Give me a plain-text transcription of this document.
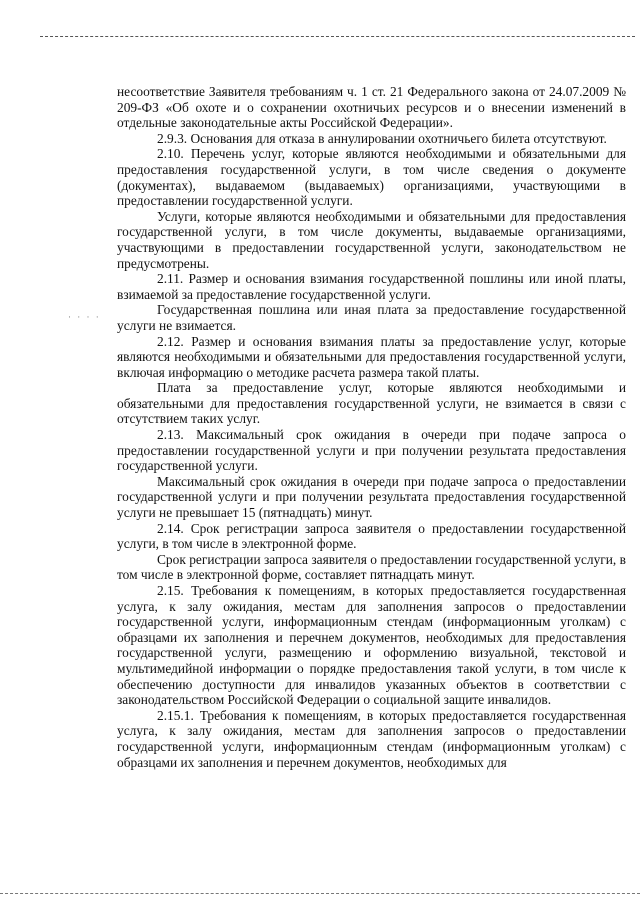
· · · ·

несоответствие Заявителя требованиям ч. 1 ст. 21 Федерального закона от 24.07.2009 № 209-ФЗ «Об охоте и о сохранении охотничьих ресурсов и о внесении изменений в отдельные законодательные акты Российской Федерации».

2.9.3. Основания для отказа в аннулировании охотничьего билета отсутствуют.

2.10. Перечень услуг, которые являются необходимыми и обязательными для предоставления государственной услуги, в том числе сведения о документе (документах), выдаваемом (выдаваемых) организациями, участвующими в предоставлении государственной услуги.

Услуги, которые являются необходимыми и обязательными для предоставления государственной услуги, в том числе документы, выдаваемые организациями, участвующими в предоставлении государственной услуги, законодательством не предусмотрены.

2.11. Размер и основания взимания государственной пошлины или иной платы, взимаемой за предоставление государственной услуги.

Государственная пошлина или иная плата за предоставление государственной услуги не взимается.

2.12. Размер и основания взимания платы за предоставление услуг, которые являются необходимыми и обязательными для предоставления государственной услуги, включая информацию о методике расчета размера такой платы.

Плата за предоставление услуг, которые являются необходимыми и обязательными для предоставления государственной услуги, не взимается в связи с отсутствием таких услуг.

2.13. Максимальный срок ожидания в очереди при подаче запроса о предоставлении государственной услуги и при получении результата предоставления государственной услуги.

Максимальный срок ожидания в очереди при подаче запроса о предоставлении государственной услуги и при получении результата предоставления государственной услуги не превышает 15 (пятнадцать) минут.

2.14. Срок регистрации запроса заявителя о предоставлении государственной услуги, в том числе в электронной форме.

Срок регистрации запроса заявителя о предоставлении государственной услуги, в том числе в электронной форме, составляет пятнадцать минут.

2.15. Требования к помещениям, в которых предоставляется государственная услуга, к залу ожидания, местам для заполнения запросов о предоставлении государственной услуги, информационным стендам (информационным уголкам) с образцами их заполнения и перечнем документов, необходимых для предоставления государственной услуги, размещению и оформлению визуальной, текстовой и мультимедийной информации о порядке предоставления такой услуги, в том числе к обеспечению доступности для инвалидов указанных объектов в соответствии с законодательством Российской Федерации о социальной защите инвалидов.

2.15.1. Требования к помещениям, в которых предоставляется государственная услуга, к залу ожидания, местам для заполнения запросов о предоставлении государственной услуги, информационным стендам (информационным уголкам) с образцами их заполнения и перечнем документов, необходимых для
